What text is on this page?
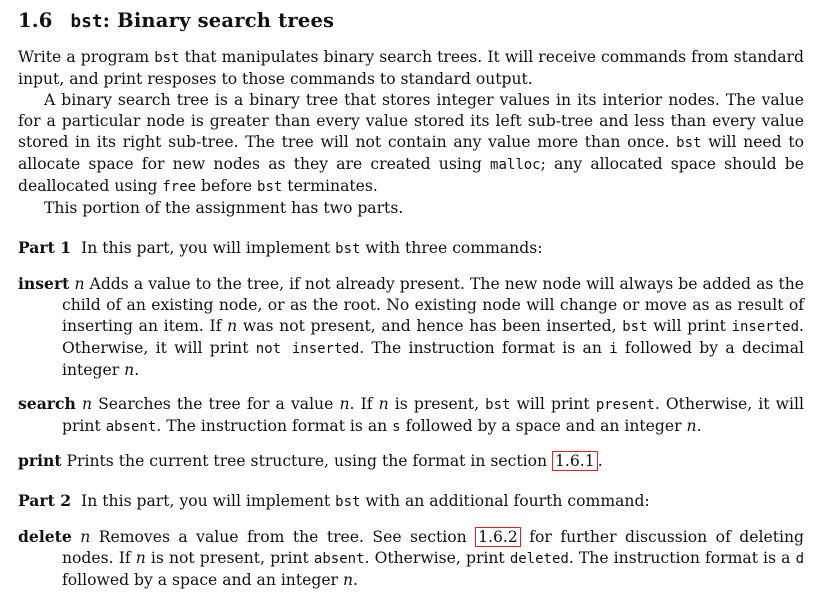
1.6 bst: Binary search trees

Write a program bst that manipulates binary search trees. It will receive commands from standard input, and print resposes to those commands to standard output.

A binary search tree is a binary tree that stores integer values in its interior nodes. The value for a particular node is greater than every value stored its left sub-tree and less than every value stored in its right sub-tree. The tree will not contain any value more than once. bst will need to allocate space for new nodes as they are created using malloc; any allocated space should be deallocated using free before bst terminates.

This portion of the assignment has two parts.

Part 1 In this part, you will implement bst with three commands:

insert n Adds a value to the tree, if not already present. The new node will always be added as the child of an existing node, or as the root. No existing node will change or move as as result of inserting an item. If n was not present, and hence has been inserted, bst will print inserted. Otherwise, it will print not inserted. The instruction format is an i followed by a decimal integer n.
search n Searches the tree for a value n. If n is present, bst will print present. Otherwise, it will print absent. The instruction format is an s followed by a space and an integer n.
print Prints the current tree structure, using the format in section 1.6.1 .

Part 2 In this part, you will implement bst with an additional fourth command:

delete n Removes a value from the tree. See section 1.6.2 for further discussion of deleting nodes. If n is not present, print absent. Otherwise, print deleted. The instruction format is a d followed by a space and an integer n.
